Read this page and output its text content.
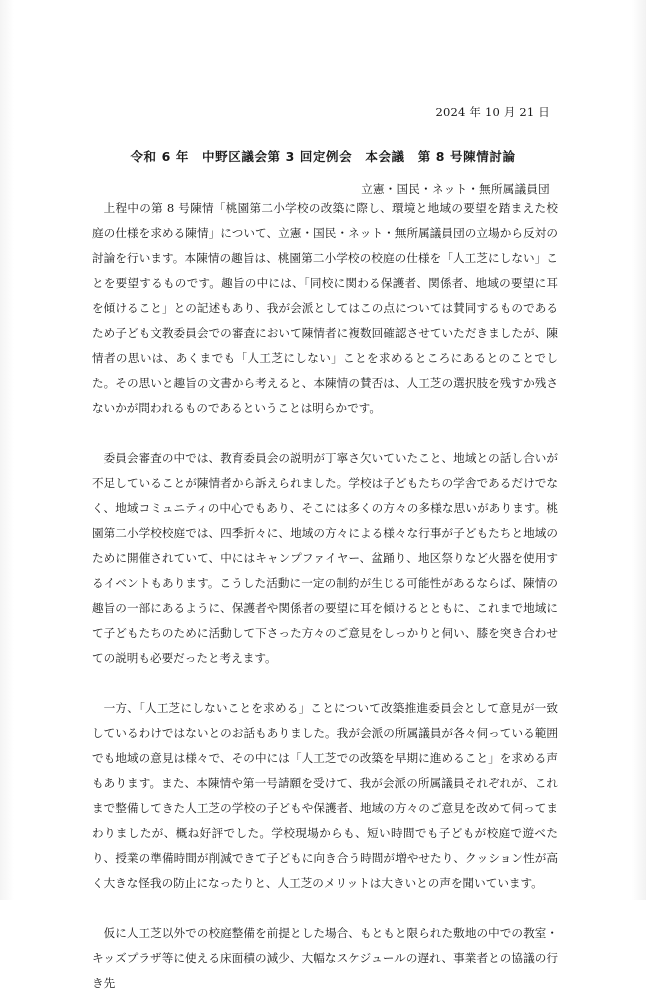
2024 年 10 月 21 日
令和 6 年　中野区議会第 3 回定例会　本会議　第 8 号陳情討論
立憲・国民・ネット・無所属議員団

上程中の第 8 号陳情「桃園第二小学校の改築に際し、環境と地域の要望を踏まえた校庭の仕様を求める陳情」について、立憲・国民・ネット・無所属議員団の立場から反対の討論を行います。本陳情の趣旨は、桃園第二小学校の校庭の仕様を「人工芝にしない」ことを要望するものです。趣旨の中には、「同校に関わる保護者、関係者、地域の要望に耳を傾けること」との記述もあり、我が会派としてはこの点については賛同するものであるため子ども文教委員会での審査において陳情者に複数回確認させていただきましたが、陳情者の思いは、あくまでも「人工芝にしない」ことを求めるところにあるとのことでした。その思いと趣旨の文書から考えると、本陳情の賛否は、人工芝の選択肢を残すか残さないかが問われるものであるということは明らかです。

委員会審査の中では、教育委員会の説明が丁寧さ欠いていたこと、地域との話し合いが不足していることが陳情者から訴えられました。学校は子どもたちの学舎であるだけでなく、地域コミュニティの中心でもあり、そこには多くの方々の多様な思いがあります。桃園第二小学校校庭では、四季折々に、地域の方々による様々な行事が子どもたちと地域のために開催されていて、中にはキャンプファイヤー、盆踊り、地区祭りなど火器を使用するイベントもあります。こうした活動に一定の制約が生じる可能性があるならば、陳情の趣旨の一部にあるように、保護者や関係者の要望に耳を傾けるとともに、これまで地域にて子どもたちのために活動して下さった方々のご意見をしっかりと伺い、膝を突き合わせての説明も必要だったと考えます。

一方、「人工芝にしないことを求める」ことについて改築推進委員会として意見が一致しているわけではないとのお話もありました。我が会派の所属議員が各々伺っている範囲でも地域の意見は様々で、その中には「人工芝での改築を早期に進めること」を求める声もあります。また、本陳情や第一号請願を受けて、我が会派の所属議員それぞれが、これまで整備してきた人工芝の学校の子どもや保護者、地域の方々のご意見を改めて伺ってまわりましたが、概ね好評でした。学校現場からも、短い時間でも子どもが校庭で遊べたり、授業の準備時間が削減できて子どもに向き合う時間が増やせたり、クッション性が高く大きな怪我の防止になったりと、人工芝のメリットは大きいとの声を聞いています。

仮に人工芝以外での校庭整備を前提とした場合、もともと限られた敷地の中での教室・キッズプラザ等に使える床面積の減少、大幅なスケジュールの遅れ、事業者との協議の行き先
